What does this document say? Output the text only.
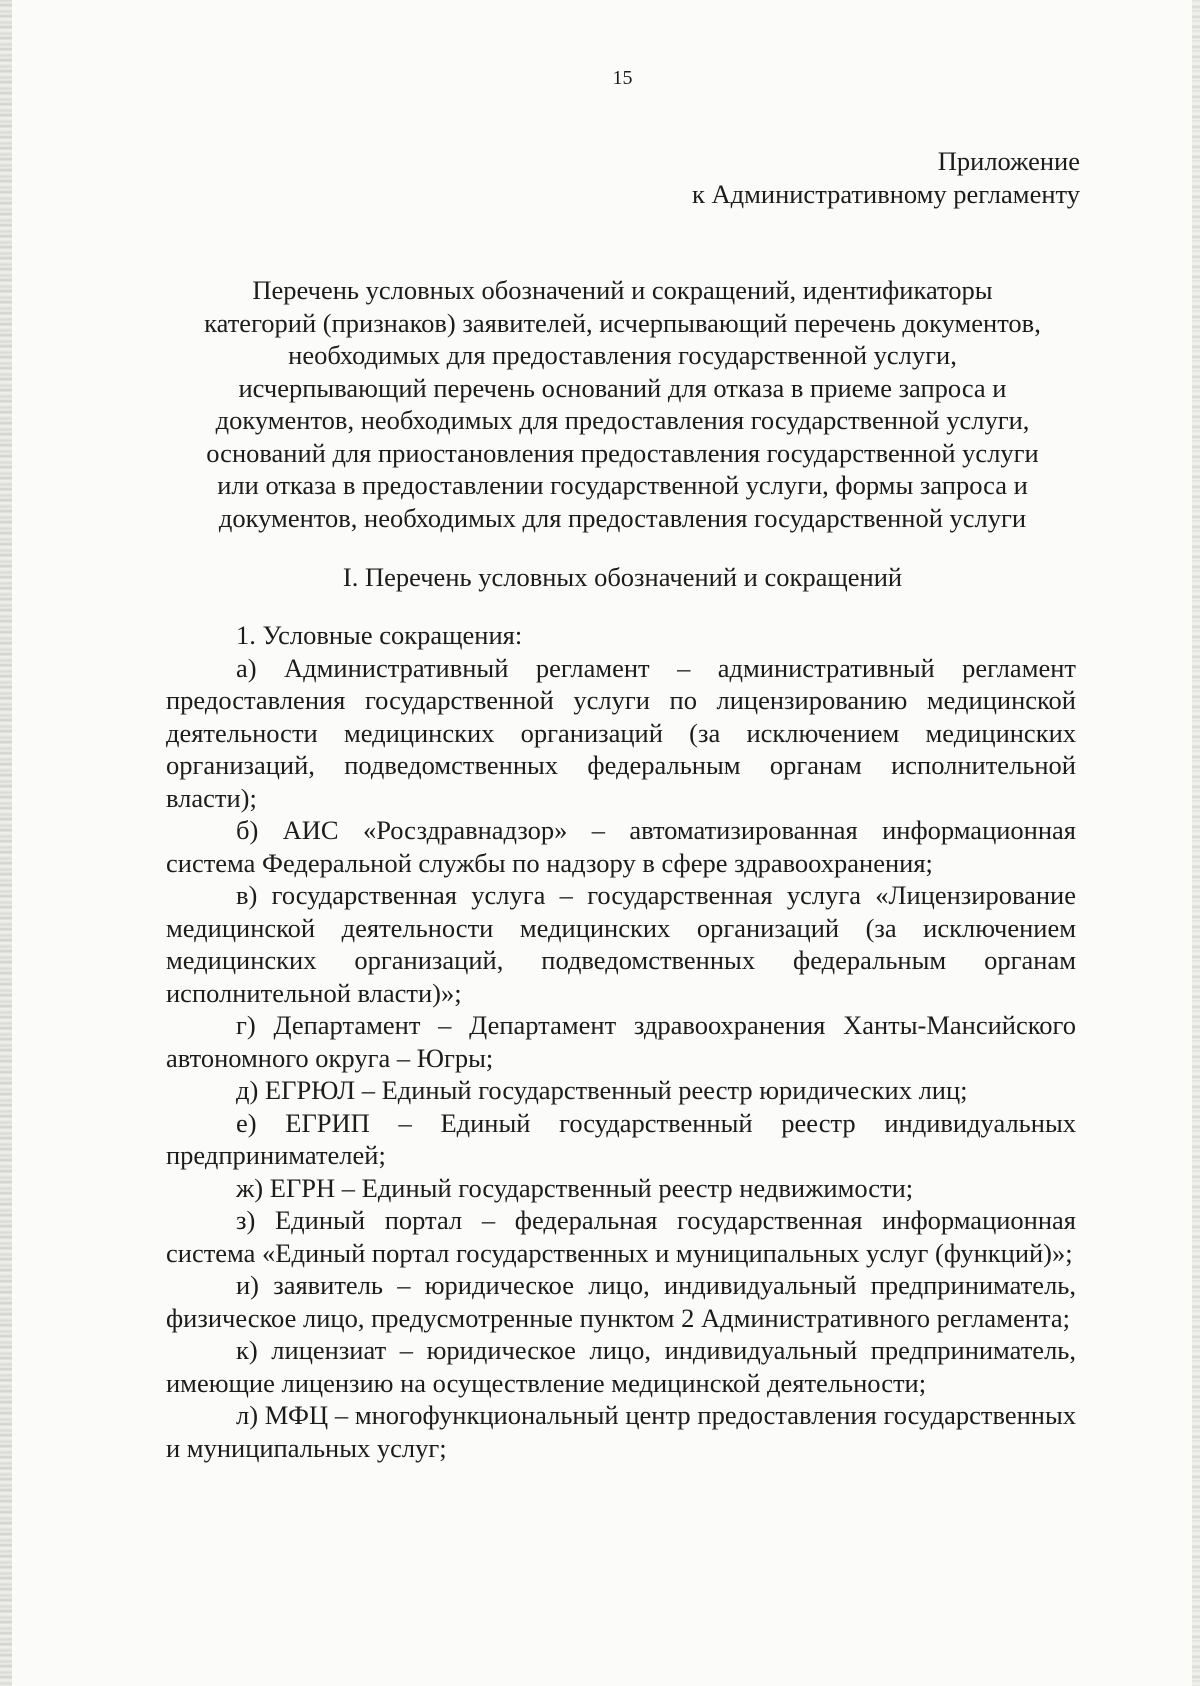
15
Приложение
к Административному регламенту
Перечень условных обозначений и сокращений, идентификаторы
категорий (признаков) заявителей, исчерпывающий перечень документов,
необходимых для предоставления государственной услуги,
исчерпывающий перечень оснований для отказа в приеме запроса и
документов, необходимых для предоставления государственной услуги,
оснований для приостановления предоставления государственной услуги
или отказа в предоставлении государственной услуги, формы запроса и
документов, необходимых для предоставления государственной услуги
I. Перечень условных обозначений и сокращений

1. Условные сокращения:

а) Административный регламент – административный регламент предоставления государственной услуги по лицензированию медицинской деятельности медицинских организаций (за исключением медицинских организаций, подведомственных федеральным органам исполнительной власти);

б) АИС «Росздравнадзор» – автоматизированная информационная система Федеральной службы по надзору в сфере здравоохранения;

в) государственная услуга – государственная услуга «Лицензирование медицинской деятельности медицинских организаций (за исключением медицинских организаций, подведомственных федеральным органам исполнительной власти)»;

г) Департамент – Департамент здравоохранения Ханты-Мансийского автономного округа – Югры;

д) ЕГРЮЛ – Единый государственный реестр юридических лиц;

е) ЕГРИП – Единый государственный реестр индивидуальных предпринимателей;

ж) ЕГРН – Единый государственный реестр недвижимости;

з) Единый портал – федеральная государственная информационная система «Единый портал государственных и муниципальных услуг (функций)»;

и) заявитель – юридическое лицо, индивидуальный предприниматель, физическое лицо, предусмотренные пунктом 2 Административного регламента;

к) лицензиат – юридическое лицо, индивидуальный предприниматель, имеющие лицензию на осуществление медицинской деятельности;

л) МФЦ – многофункциональный центр предоставления государственных и муниципальных услуг;
